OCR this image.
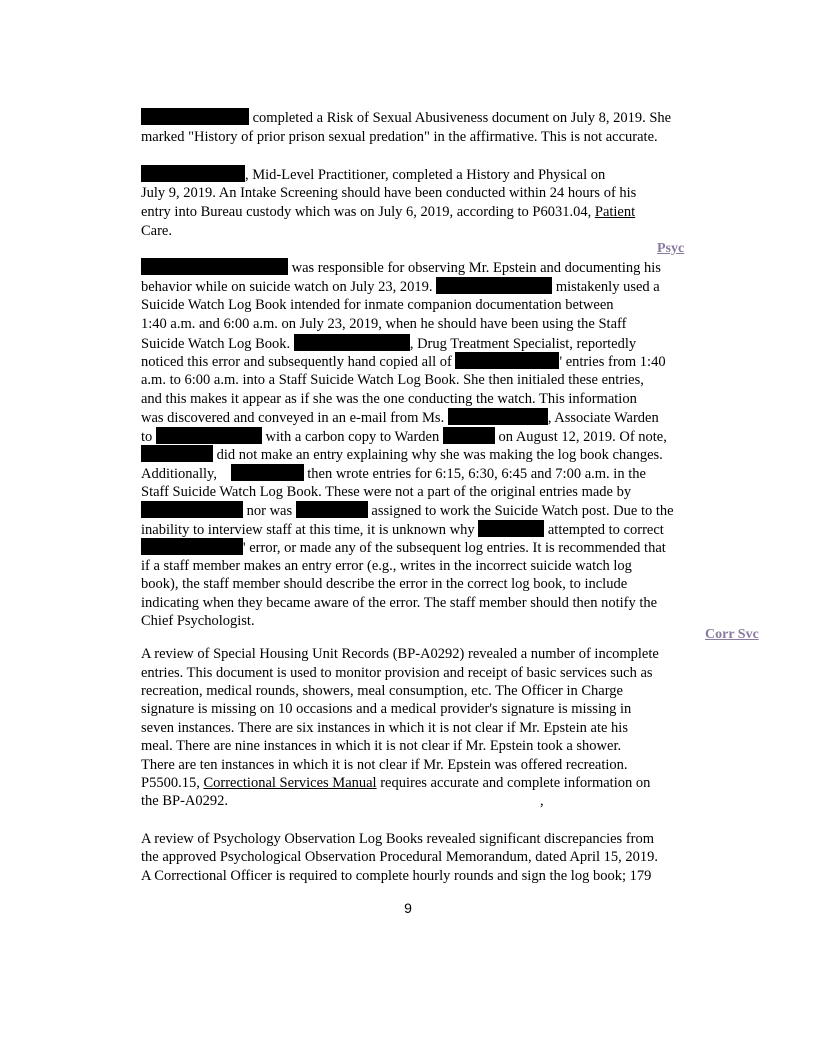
completed a Risk of Sexual Abusiveness document on July 8, 2019. She
marked "History of prior prison sexual predation" in the affirmative. This is not accurate.
, Mid-Level Practitioner, completed a History and Physical on
July 9, 2019. An Intake Screening should have been conducted within 24 hours of his
entry into Bureau custody which was on July 6, 2019, according to P6031.04, Patient
Care.
Psyc
was responsible for observing Mr. Epstein and documenting his
behavior while on suicide watch on July 23, 2019.	mistakenly used a
Suicide Watch Log Book intended for inmate companion documentation between
1:40 a.m. and 6:00 a.m. on July 23, 2019, when he should have been using the Staff
Suicide Watch Log Book.	, Drug Treatment Specialist, reportedly
noticed this error and subsequently hand copied all of	' entries from 1:40
a.m. to 6:00 a.m. into a Staff Suicide Watch Log Book. She then initialed these entries,
and this makes it appear as if she was the one conducting the watch. This information
was discovered and conveyed in an e-mail from Ms.	, Associate Warden
to	with a carbon copy to Warden	on August 12, 2019. Of note,
did not make an entry explaining why she was making the log book changes.
Additionally,	then wrote entries for 6:15, 6:30, 6:45 and 7:00 a.m. in the
Staff Suicide Watch Log Book. These were not a part of the original entries made by
nor was	assigned to work the Suicide Watch post. Due to the
inability to interview staff at this time, it is unknown why	attempted to correct
' error, or made any of the subsequent log entries. It is recommended that
if a staff member makes an entry error (e.g., writes in the incorrect suicide watch log
book), the staff member should describe the error in the correct log book, to include
indicating when they became aware of the error. The staff member should then notify the
Chief Psychologist.
Corr Svc
A review of Special Housing Unit Records (BP-A0292) revealed a number of incomplete
entries. This document is used to monitor provision and receipt of basic services such as
recreation, medical rounds, showers, meal consumption, etc. The Officer in Charge
signature is missing on 10 occasions and a medical provider's signature is missing in
seven instances. There are six instances in which it is not clear if Mr. Epstein ate his
meal. There are nine instances in which it is not clear if Mr. Epstein took a shower.
There are ten instances in which it is not clear if Mr. Epstein was offered recreation.
P5500.15, Correctional Services Manual requires accurate and complete information on
the BP-A0292.	,
A review of Psychology Observation Log Books revealed significant discrepancies from
the approved Psychological Observation Procedural Memorandum, dated April 15, 2019.
A Correctional Officer is required to complete hourly rounds and sign the log book; 179
9
